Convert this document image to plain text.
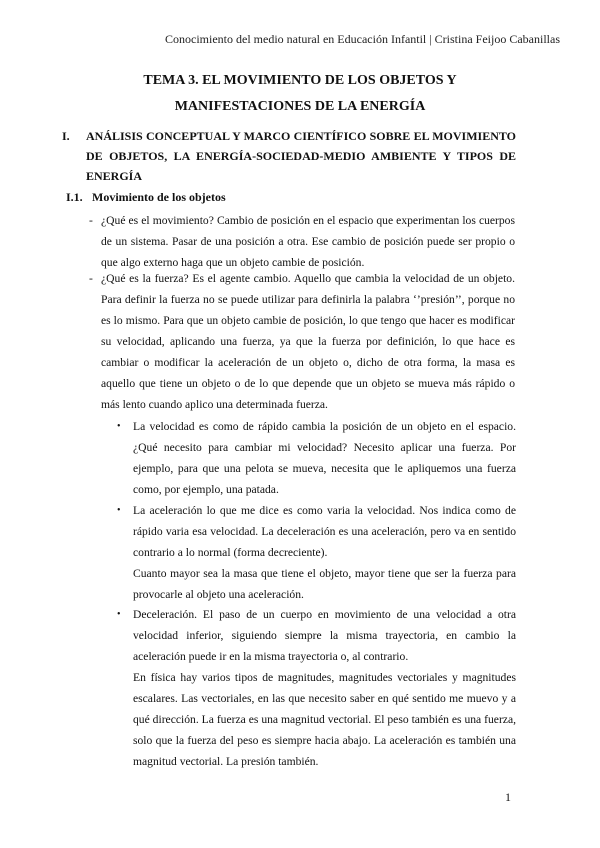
Conocimiento del medio natural en Educación Infantil | Cristina Feijoo Cabanillas
TEMA 3. EL MOVIMIENTO DE LOS OBJETOS Y
MANIFESTACIONES DE LA ENERGÍA
I.	ANÁLISIS CONCEPTUAL Y MARCO CIENTÍFICO SOBRE EL MOVIMIENTO DE OBJETOS, LA ENERGÍA-SOCIEDAD-MEDIO AMBIENTE Y TIPOS DE ENERGÍA
I.1. Movimiento de los objetos
- ¿Qué es el movimiento? Cambio de posición en el espacio que experimentan los cuerpos de un sistema. Pasar de una posición a otra. Ese cambio de posición puede ser propio o que algo externo haga que un objeto cambie de posición.

- ¿Qué es la fuerza? Es el agente cambio. Aquello que cambia la velocidad de un objeto. Para definir la fuerza no se puede utilizar para definirla la palabra ‘’presión’’, porque no es lo mismo. Para que un objeto cambie de posición, lo que tengo que hacer es modificar su velocidad, aplicando una fuerza, ya que la fuerza por definición, lo que hace es cambiar o modificar la aceleración de un objeto o, dicho de otra forma, la masa es aquello que tiene un objeto o de lo que depende que un objeto se mueva más rápido o más lento cuando aplico una determinada fuerza.

• La velocidad es como de rápido cambia la posición de un objeto en el espacio. ¿Qué necesito para cambiar mi velocidad? Necesito aplicar una fuerza. Por ejemplo, para que una pelota se mueva, necesita que le apliquemos una fuerza como, por ejemplo, una patada.

• La aceleración lo que me dice es como varia la velocidad. Nos indica como de rápido varia esa velocidad. La deceleración es una aceleración, pero va en sentido contrario a lo normal (forma decreciente).

Cuanto mayor sea la masa que tiene el objeto, mayor tiene que ser la fuerza para provocarle al objeto una aceleración.

• Deceleración. El paso de un cuerpo en movimiento de una velocidad a otra velocidad inferior, siguiendo siempre la misma trayectoria, en cambio la aceleración puede ir en la misma trayectoria o, al contrario.

En física hay varios tipos de magnitudes, magnitudes vectoriales y magnitudes escalares. Las vectoriales, en las que necesito saber en qué sentido me muevo y a qué dirección. La fuerza es una magnitud vectorial. El peso también es una fuerza, solo que la fuerza del peso es siempre hacia abajo. La aceleración es también una magnitud vectorial. La presión también.

1
